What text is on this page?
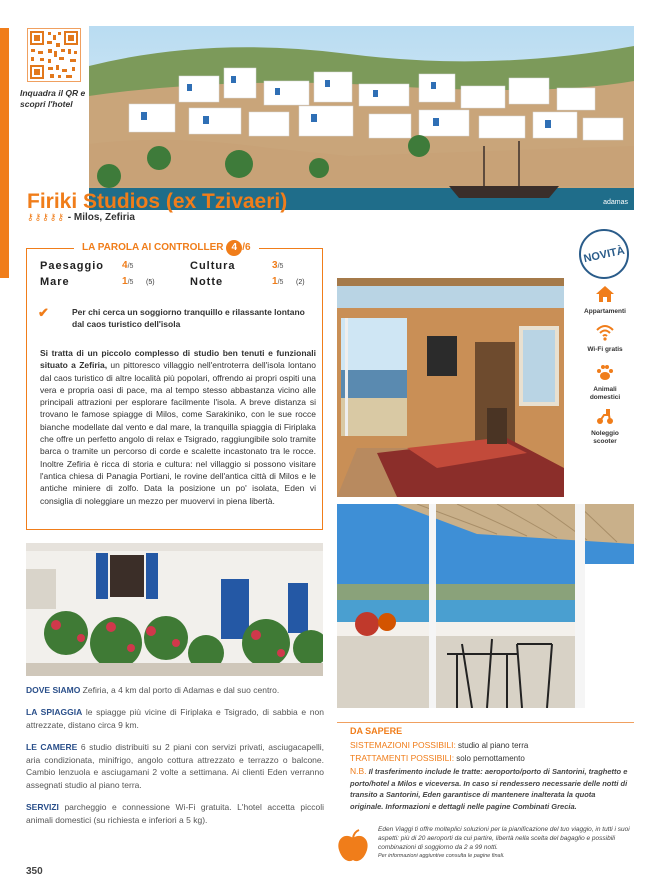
Inquadra il QR e scopri l'hotel
adamas
Firiki Studios (ex Tzivaeri)
⚷⚷⚷⚷⚷ - Milos, Zefiria
LA PAROLA AI CONTROLLER 4 /6
Paesaggio 4/5	Cultura	3/5
Mare	1/5 (5)	Notte	1/5 (2)
✔	Per chi cerca un soggiorno tranquillo e rilassante lontano dal caos turistico dell'isola
Si tratta di un piccolo complesso di studio ben tenuti e funzionali situato a Zefiria, un pittoresco villaggio nell'entroterra dell'isola lontano dal caos turistico di altre località più popolari, offrendo ai propri ospiti una vera e propria oasi di pace, ma al tempo stesso abbastanza vicino alle principali attrazioni per esplorare facilmente l'isola. A breve distanza si trovano le famose spiagge di Milos, come Sarakiniko, con le sue rocce bianche modellate dal vento e dal mare, la tranquilla spiaggia di Firiplaka che offre un perfetto angolo di relax e Tsigrado, raggiungibile solo tramite barca o tramite un percorso di corde e scalette incastonato tra le rocce. Inoltre Zefiria è ricca di storia e cultura: nel villaggio si possono visitare l'antica chiesa di Panagia Portiani, le rovine dell'antica città di Milos e le antiche miniere di zolfo. Data la posizione un po' isolata, Eden vi consiglia di noleggiare un mezzo per muovervi in piena libertà.
NOVITÀ
Appartamenti
Wi-Fi gratis
Animali domestici
Noleggio scooter
DOVE SIAMO Zefiria, a 4 km dal porto di Adamas e dal suo centro.
LA SPIAGGIA le spiagge più vicine di Firiplaka e Tsigrado, di sabbia e non attrezzate, distano circa 9 km.
LE CAMERE 6 studio distribuiti su 2 piani con servizi privati, asciugacapelli, aria condizionata, minifrigo, angolo cottura attrezzato e terrazzo o balcone. Cambio lenzuola e asciugamani 2 volte a settimana. Ai clienti Eden verranno assegnati studio al piano terra.
SERVIZI parcheggio e connessione Wi-Fi gratuita. L'hotel accetta piccoli animali domestici (su richiesta e inferiori a 5 kg).
DA SAPERE
SISTEMAZIONI POSSIBILI: studio al piano terra
TRATTAMENTI POSSIBILI: solo pernottamento
N.B. Il trasferimento include le tratte: aeroporto/porto di Santorini, traghetto e porto/hotel a Milos e viceversa. In caso si rendessero necessarie delle notti di transito a Santorini, Eden garantisce di mantenere inalterata la quota originale. Informazioni e dettagli nelle pagine Combinati Grecia.
Eden Viaggi ti offre molteplici soluzioni per la pianificazione del tuo viaggio, in tutti i suoi aspetti: più di 20 aeroporti da cui partire, libertà nella scelta del bagaglio e possibili combinazioni di soggiorno da 2 a 99 notti.
Per informazioni aggiuntive consulta le pagine finali.
350
